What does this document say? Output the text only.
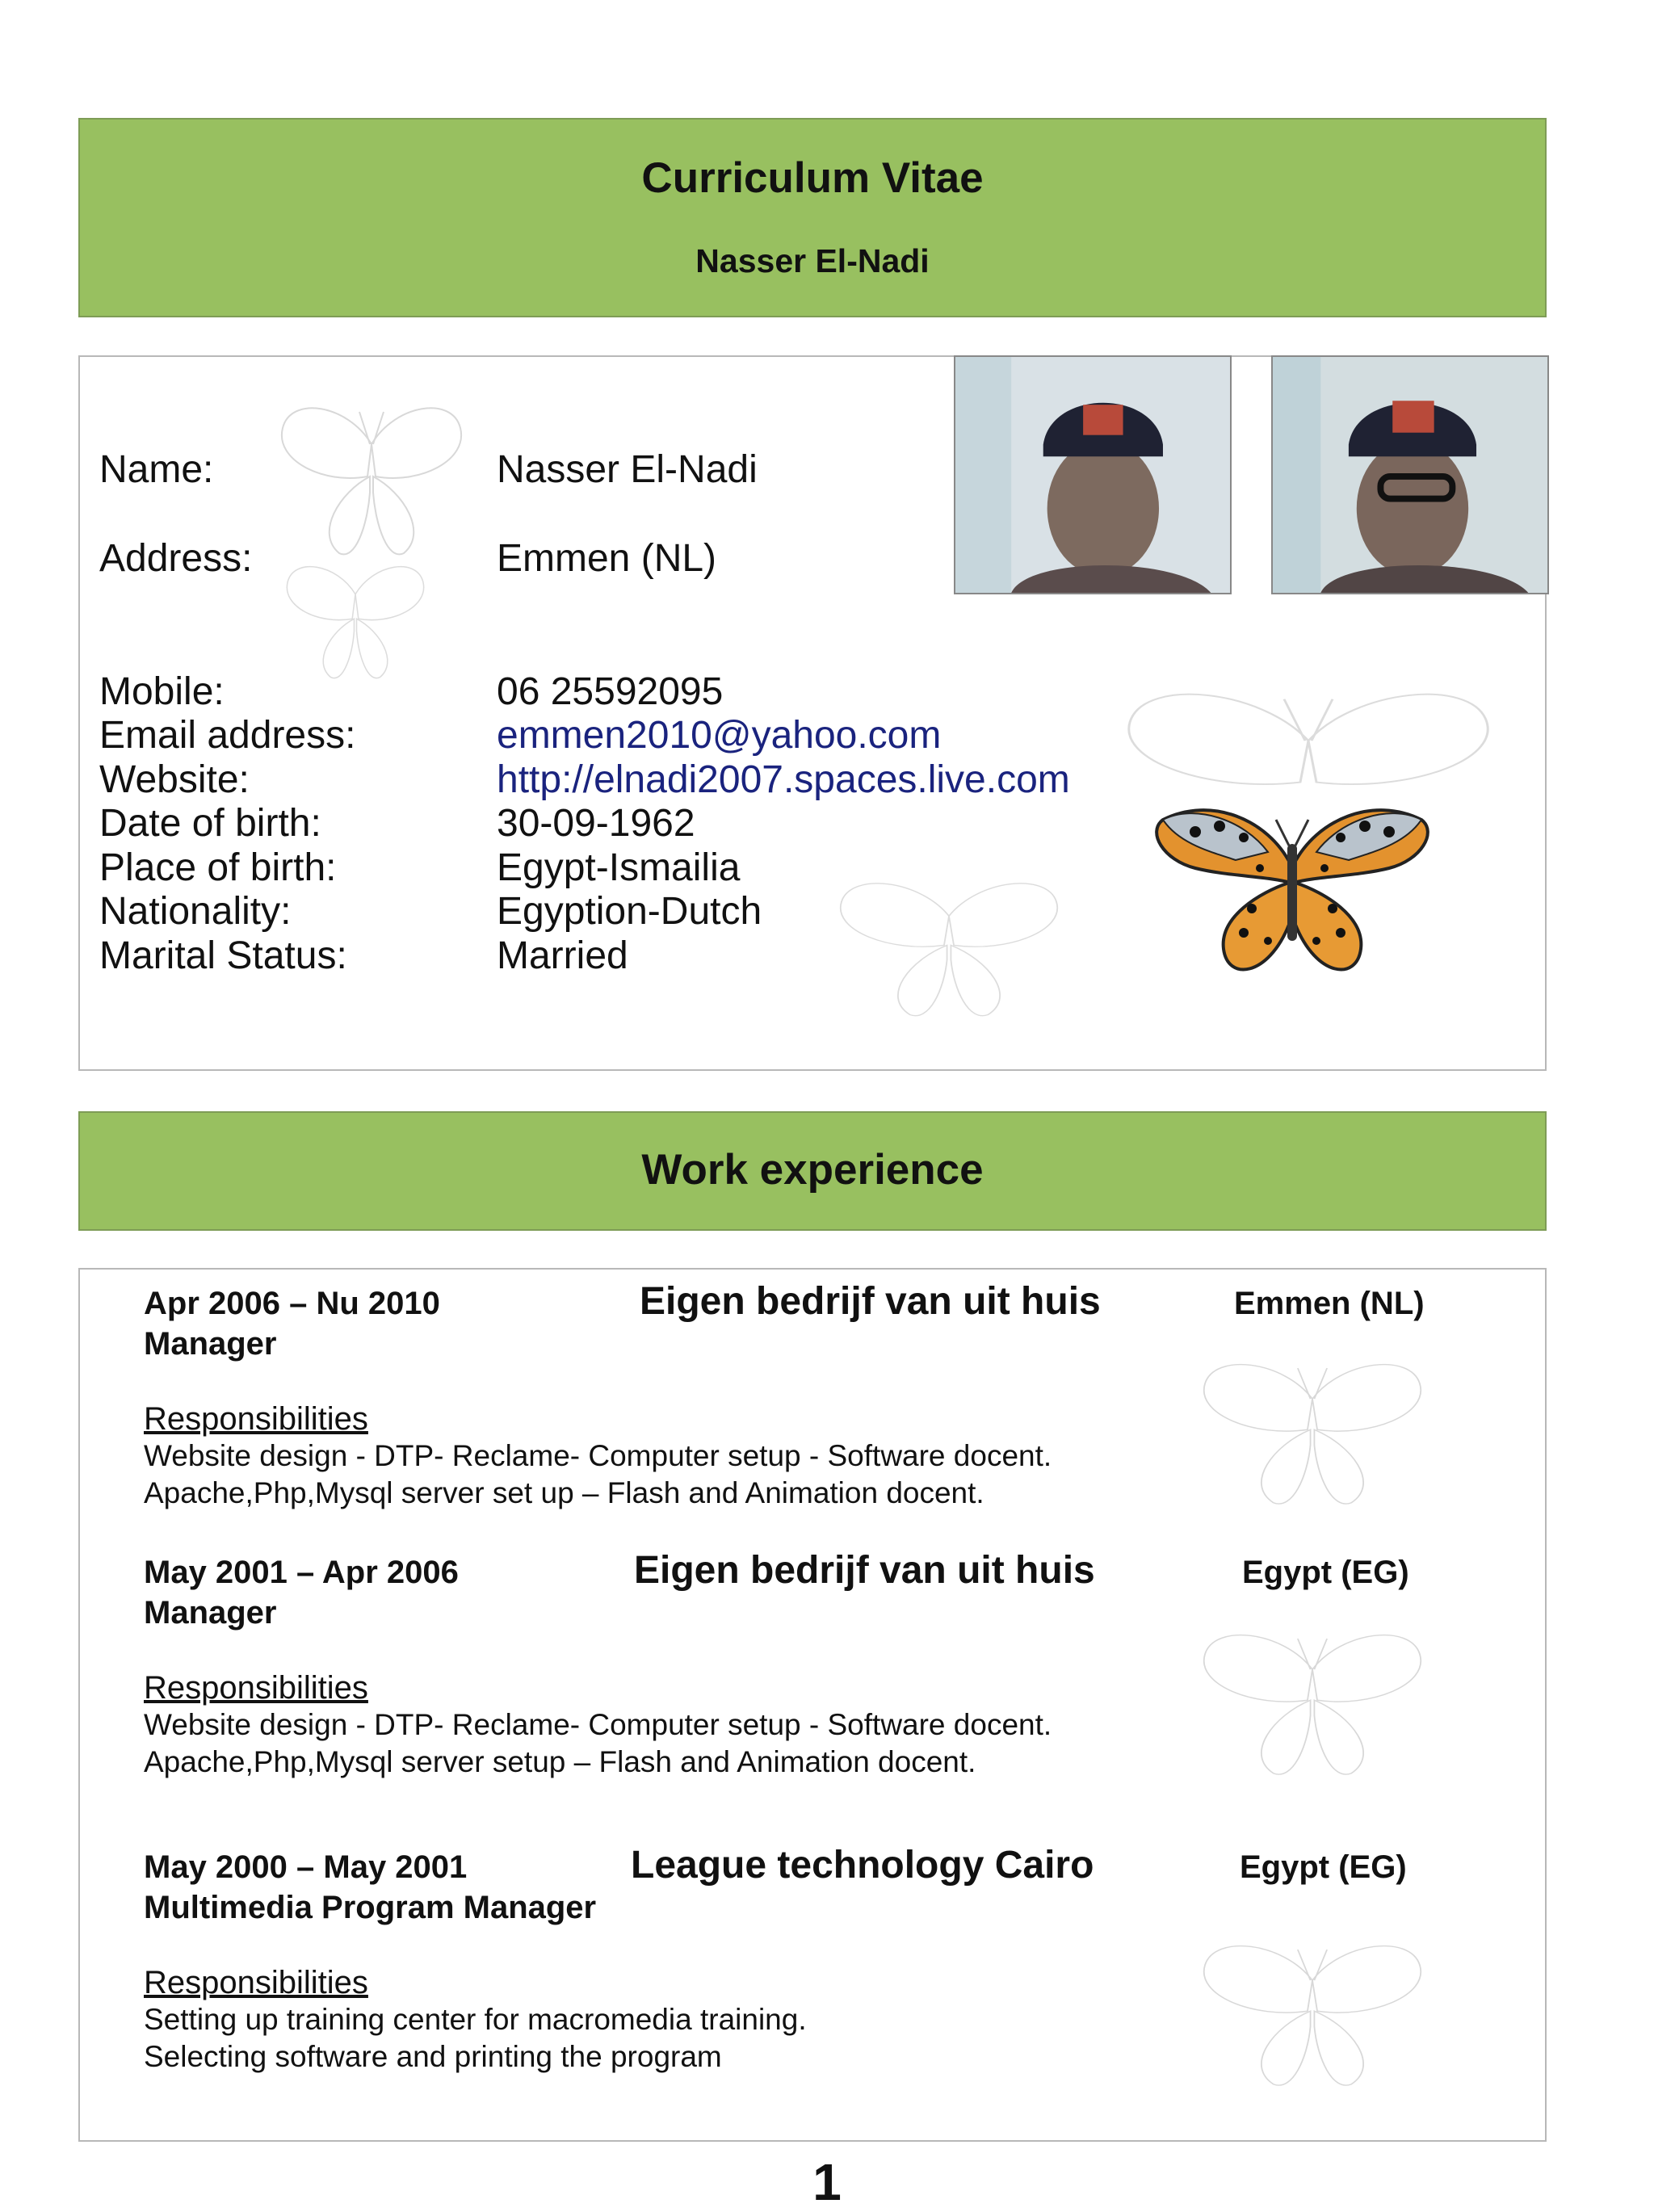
Curriculum Vitae
Nasser El-Nadi
Name:	Nasser El-Nadi
Address:	Emmen (NL)
Mobile:	06 25592095
Email address:	emmen2010@yahoo.com
Website:	http://elnadi2007.spaces.live.com
Date of birth:	30-09-1962
Place of birth:	Egypt-Ismailia
Nationality:	Egyption-Dutch
Marital Status:	Married
Work experience
Apr 2006 – Nu 2010	Eigen bedrijf van uit huis	Emmen (NL)
Manager
Responsibilities
Website design - DTP- Reclame- Computer setup - Software docent.
Apache,Php,Mysql server set up – Flash and Animation docent.
May 2001 – Apr 2006	Eigen bedrijf van uit huis	Egypt (EG)
Manager
Responsibilities
Website design - DTP- Reclame- Computer setup - Software docent.
Apache,Php,Mysql server setup – Flash and Animation docent.
May 2000 – May 2001	League technology Cairo	Egypt (EG)
Multimedia Program Manager
Responsibilities
Setting up training center for macromedia training.
Selecting software and printing the program
1
